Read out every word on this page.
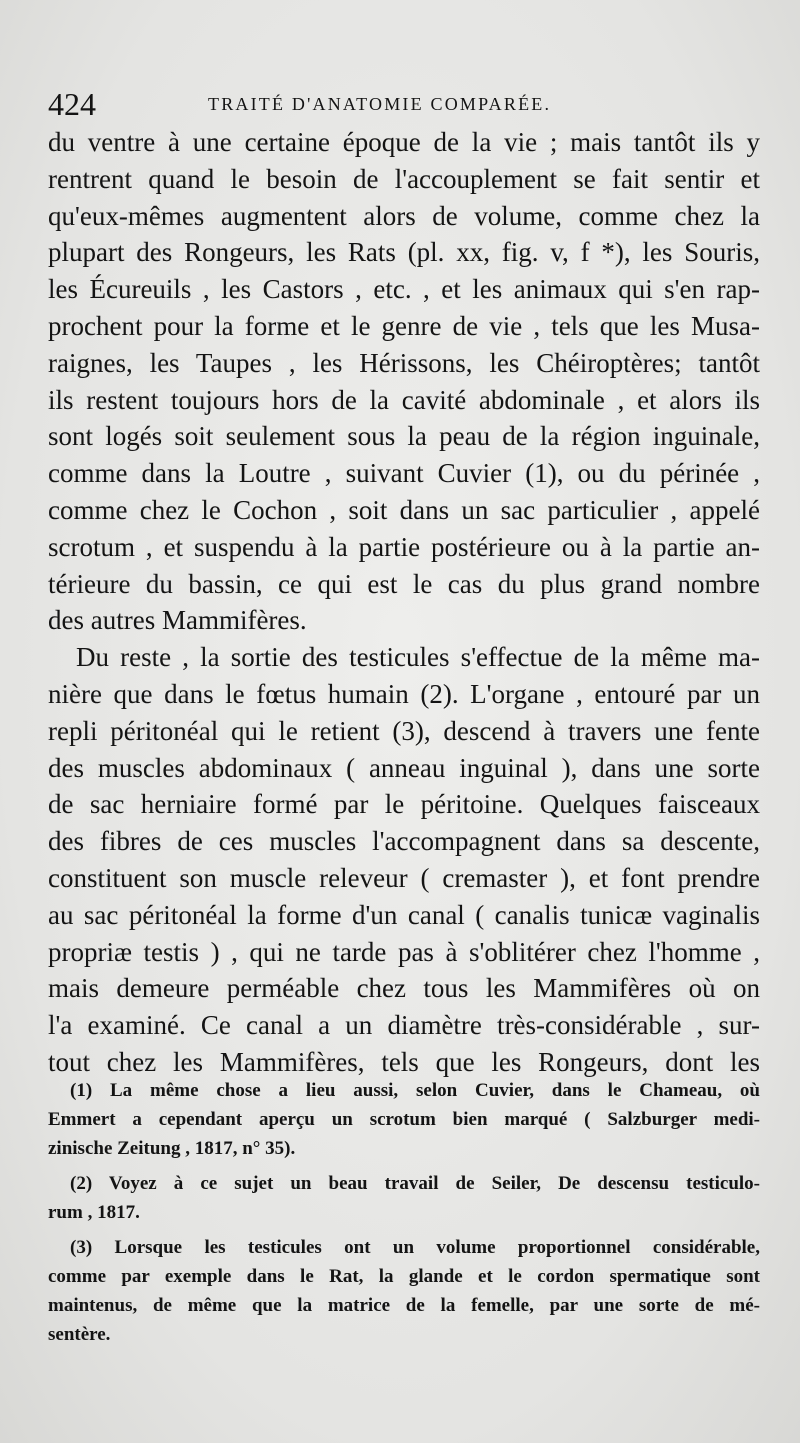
424	TRAITÉ D'ANATOMIE COMPARÉE.

du ventre à une certaine époque de la vie ; mais tantôt ils y
rentrent quand le besoin de l'accouplement se fait sentir et
qu'eux-mêmes augmentent alors de volume, comme chez la
plupart des Rongeurs, les Rats (pl. xx, fig. v, f *), les Souris,
les Écureuils , les Castors , etc. , et les animaux qui s'en rap-
prochent pour la forme et le genre de vie , tels que les Musa-
raignes, les Taupes , les Hérissons, les Chéiroptères; tantôt
ils restent toujours hors de la cavité abdominale , et alors ils
sont logés soit seulement sous la peau de la région inguinale,
comme dans la Loutre , suivant Cuvier (1), ou du périnée ,
comme chez le Cochon , soit dans un sac particulier , appelé
scrotum , et suspendu à la partie postérieure ou à la partie an-
térieure du bassin, ce qui est le cas du plus grand nombre
des autres Mammifères.

Du reste , la sortie des testicules s'effectue de la même ma-
nière que dans le fœtus humain (2). L'organe , entouré par un
repli péritonéal qui le retient (3), descend à travers une fente
des muscles abdominaux ( anneau inguinal ), dans une sorte
de sac herniaire formé par le péritoine. Quelques faisceaux
des fibres de ces muscles l'accompagnent dans sa descente,
constituent son muscle releveur ( cremaster ), et font prendre
au sac péritonéal la forme d'un canal ( canalis tunicæ vaginalis
propriæ testis ) , qui ne tarde pas à s'oblitérer chez l'homme ,
mais demeure perméable chez tous les Mammifères où on
l'a examiné. Ce canal a un diamètre très-considérable , sur-
tout chez les Mammifères, tels que les Rongeurs, dont les

(1) La même chose a lieu aussi, selon Cuvier, dans le Chameau, où
Emmert a cependant aperçu un scrotum bien marqué ( Salzburger medi-
zinische Zeitung , 1817, n° 35).

(2) Voyez à ce sujet un beau travail de Seiler, De descensu testiculo-
rum , 1817.

(3) Lorsque les testicules ont un volume proportionnel considérable,
comme par exemple dans le Rat, la glande et le cordon spermatique sont
maintenus, de même que la matrice de la femelle, par une sorte de mé-
sentère.
